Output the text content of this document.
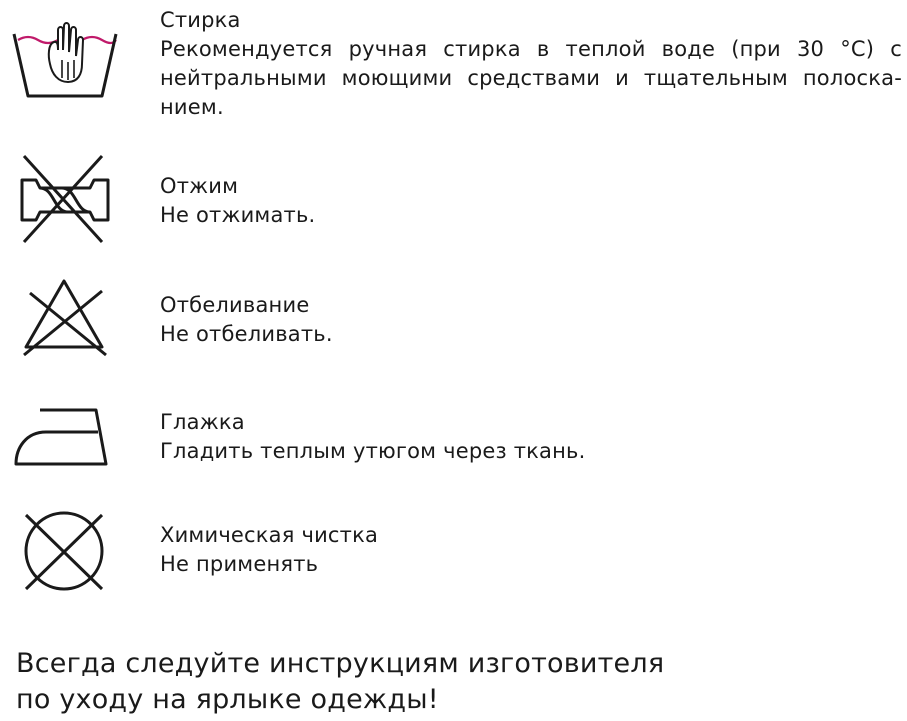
Стирка
Рекомендуется ручная стирка в теплой воде (при 30 °С) с
нейтральными моющими средствами и тщательным полоска-
нием.
Отжим
Не отжимать.
Отбеливание
Не отбеливать.
Глажка
Гладить теплым утюгом через ткань.
Химическая чистка
Не применять
Всегда следуйте инструкциям изготовителя
по уходу на ярлыке одежды!
